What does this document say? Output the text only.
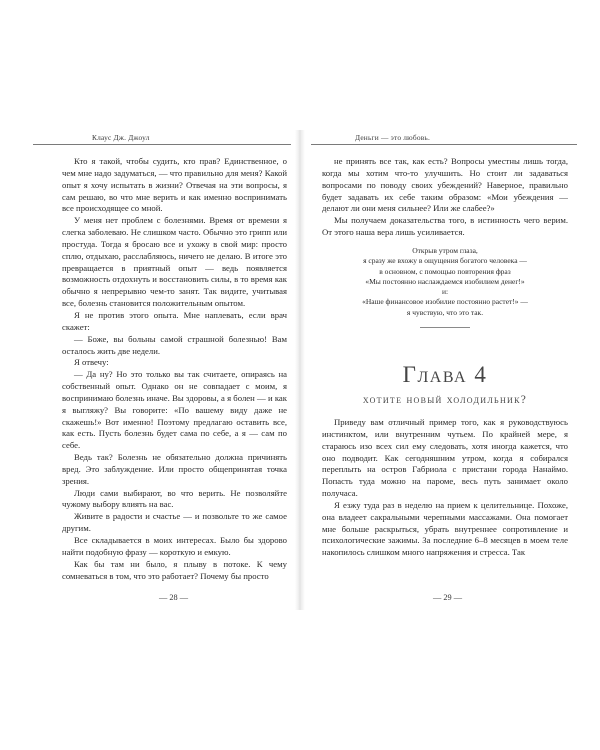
Клаус Дж. Джоул

Кто я такой, чтобы судить, кто прав? Единственное, о чем мне надо задуматься, — что правильно для меня? Какой опыт я хочу испытать в жизни? Отвечая на эти вопросы, я сам решаю, во что мне верить и как именно воспринимать все происходящее со мной.

У меня нет проблем с болезнями. Время от времени я слегка заболеваю. Не слишком часто. Обычно это грипп или простуда. Тогда я бросаю все и ухожу в свой мир: просто сплю, отдыхаю, расслабляюсь, ничего не делаю. В итоге это превращается в приятный опыт — ведь появляется возможность отдохнуть и восстановить силы, в то время как обычно я непрерывно чем-то занят. Так видите, учитывая все, болезнь становится положительным опытом.

Я не против этого опыта. Мне наплевать, если врач скажет:

— Боже, вы больны самой страшной болезнью! Вам осталось жить две недели.

Я отвечу:

— Да ну? Но это только вы так считаете, опираясь на собственный опыт. Однако он не совпадает с моим, я воспринимаю болезнь иначе. Вы здоровы, а я болен — и как я выгляжу? Вы говорите: «По вашему виду даже не скажешь!» Вот именно! Поэтому предлагаю оставить все, как есть. Пусть болезнь будет сама по себе, а я — сам по себе.

Ведь так? Болезнь не обязательно должна причинять вред. Это заблуждение. Или просто общепринятая точка зрения.

Люди сами выбирают, во что верить. Не позволяйте чужому выбору влиять на вас.

Живите в радости и счастье — и позвольте то же самое другим.

Все складывается в моих интересах. Было бы здорово найти подобную фразу — короткую и емкую.

Как бы там ни было, я плыву в потоке. К чему сомневаться в том, что это работает? Почему бы просто

— 28 —
Деньги — это любовь.

не принять все так, как есть? Вопросы уместны лишь тогда, когда мы хотим что-то улучшить. Но стоит ли задаваться вопросами по поводу своих убеждений? Наверное, правильно будет задавать их себе таким образом: «Мои убеждения — делают ли они меня сильнее? Или же слабее?»

Мы получаем доказательства того, в истинность чего верим. От этого наша вера лишь усиливается.

Открыв утром глаза,
я сразу же вхожу в ощущения богатого человека —
в основном, с помощью повторения фраз
«Мы постоянно наслаждаемся изобилием денег!»
и:
«Наше финансовое изобилие постоянно растет!» —
я чувствую, что это так.
Глава 4
хотите новый холодильник?

Приведу вам отличный пример того, как я руководствуюсь инстинктом, или внутренним чутьем. По крайней мере, я стараюсь изо всех сил ему следовать, хотя иногда кажется, что оно подводит. Как сегодняшним утром, когда я собирался переплыть на остров Габриола с пристани города Нанаймо. Попасть туда можно на пароме, весь путь занимает около получаса.

Я езжу туда раз в неделю на прием к целительнице. Похоже, она владеет сакральными черепными массажами. Она помогает мне больше раскрыться, убрать внутреннее сопротивление и психологические зажимы. За последние 6–8 месяцев в моем теле накопилось слишком много напряжения и стресса. Так

— 29 —
